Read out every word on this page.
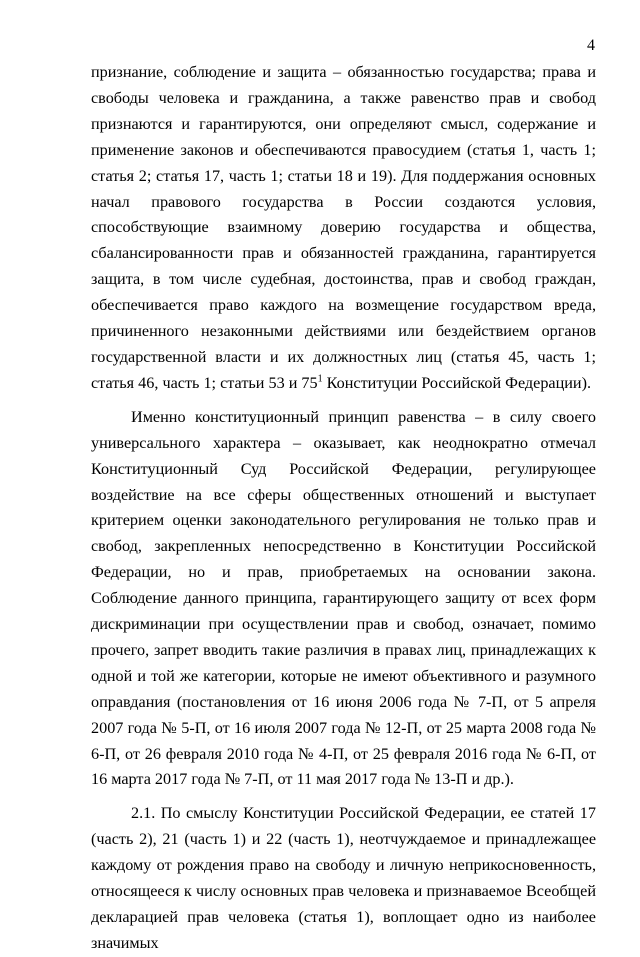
4

признание, соблюдение и защита – обязанностью государства; права и свободы человека и гражданина, а также равенство прав и свобод признаются и гарантируются, они определяют смысл, содержание и применение законов и обеспечиваются правосудием (статья 1, часть 1; статья 2; статья 17, часть 1; статьи 18 и 19). Для поддержания основных начал правового государства в России создаются условия, способствующие взаимному доверию государства и общества, сбалансированности прав и обязанностей гражданина, гарантируется защита, в том числе судебная, достоинства, прав и свобод граждан, обеспечивается право каждого на возмещение государством вреда, причиненного незаконными действиями или бездействием органов государственной власти и их должностных лиц (статья 45, часть 1; статья 46, часть 1; статьи 53 и $75^1$ Конституции Российской Федерации).

Именно конституционный принцип равенства – в силу своего универсального характера – оказывает, как неоднократно отмечал Конституционный Суд Российской Федерации, регулирующее воздействие на все сферы общественных отношений и выступает критерием оценки законодательного регулирования не только прав и свобод, закрепленных непосредственно в Конституции Российской Федерации, но и прав, приобретаемых на основании закона. Соблюдение данного принципа, гарантирующего защиту от всех форм дискриминации при осуществлении прав и свобод, означает, помимо прочего, запрет вводить такие различия в правах лиц, принадлежащих к одной и той же категории, которые не имеют объективного и разумного оправдания (постановления от 16 июня 2006 года № 7-П, от 5 апреля 2007 года № 5-П, от 16 июля 2007 года № 12-П, от 25 марта 2008 года № 6-П, от 26 февраля 2010 года № 4-П, от 25 февраля 2016 года № 6-П, от 16 марта 2017 года № 7-П, от 11 мая 2017 года № 13-П и др.).

2.1. По смыслу Конституции Российской Федерации, ее статей 17 (часть 2), 21 (часть 1) и 22 (часть 1), неотчуждаемое и принадлежащее каждому от рождения право на свободу и личную неприкосновенность, относящееся к числу основных прав человека и признаваемое Всеобщей декларацией прав человека (статья 1), воплощает одно из наиболее значимых
